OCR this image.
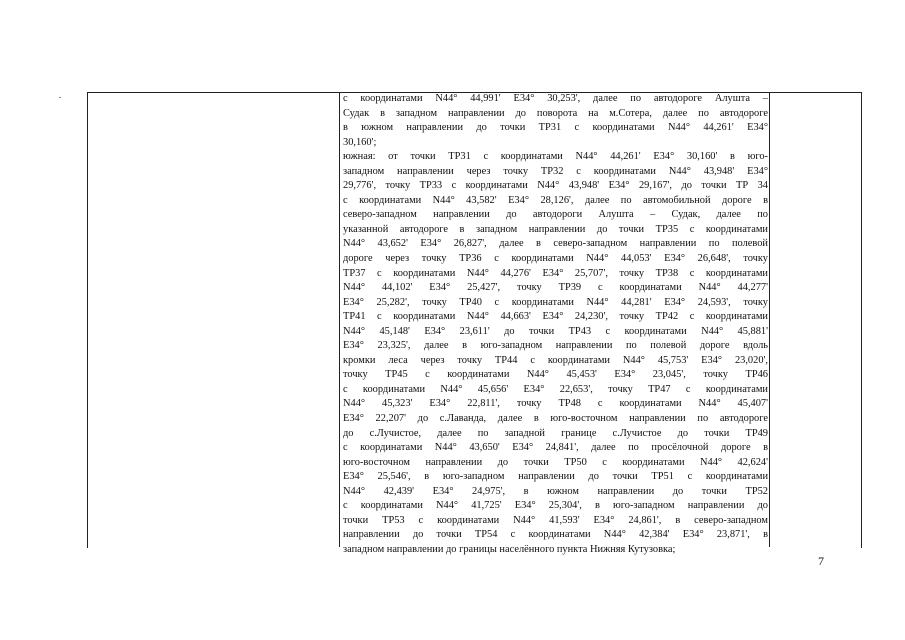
с координатами N44° 44,991' E34° 30,253', далее по автодороге Алушта –
Судак в западном направлении до поворота на м.Сотера, далее по автодороге
в южном направлении до точки ТР31 с координатами N44° 44,261' E34°
30,160';
южная: от точки ТР31 с координатами N44° 44,261' E34° 30,160' в юго-
западном направлении через точку ТР32 с координатами N44° 43,948' E34°
29,776', точку ТР33 с координатами N44° 43,948' E34° 29,167', до точки ТР 34
с координатами N44° 43,582' E34° 28,126', далее по автомобильной дороге в
северо-западном направлении до автодороги Алушта – Судак, далее по
указанной автодороге в западном направлении до точки ТР35 с координатами
N44° 43,652' E34° 26,827', далее в северо-западном направлении по полевой
дороге через точку ТР36 с координатами N44° 44,053' E34° 26,648', точку
ТР37 с координатами N44° 44,276' E34° 25,707', точку ТР38 с координатами
N44° 44,102' E34° 25,427', точку ТР39 с координатами N44° 44,277'
E34° 25,282', точку ТР40 с координатами N44° 44,281' E34° 24,593', точку
ТР41 с координатами N44° 44,663' E34° 24,230', точку ТР42 с координатами
N44° 45,148' E34° 23,611' до точки ТР43 с координатами N44° 45,881'
E34° 23,325', далее в юго-западном направлении по полевой дороге вдоль
кромки леса через точку ТР44 с координатами N44° 45,753' E34° 23,020',
точку ТР45 с координатами N44° 45,453' E34° 23,045', точку ТР46
с координатами N44° 45,656' E34° 22,653', точку ТР47 с координатами
N44° 45,323' E34° 22,811', точку ТР48 с координатами N44° 45,407'
E34° 22,207' до с.Лаванда, далее в юго-восточном направлении по автодороге
до с.Лучистое, далее по западной границе с.Лучистое до точки ТР49
с координатами N44° 43,650' E34° 24,841', далее по просёлочной дороге в
юго-восточном направлении до точки ТР50 с координатами N44° 42,624'
E34° 25,546', в юго-западном направлении до точки ТР51 с координатами
N44° 42,439' E34° 24,975', в южном направлении до точки ТР52
с координатами N44° 41,725' E34° 25,304', в юго-западном направлении до
точки ТР53 с координатами N44° 41,593' E34° 24,861', в северо-западном
направлении до точки ТР54 с координатами N44° 42,384' E34° 23,871', в
западном направлении до границы населённого пункта Нижняя Кутузовка;
7
